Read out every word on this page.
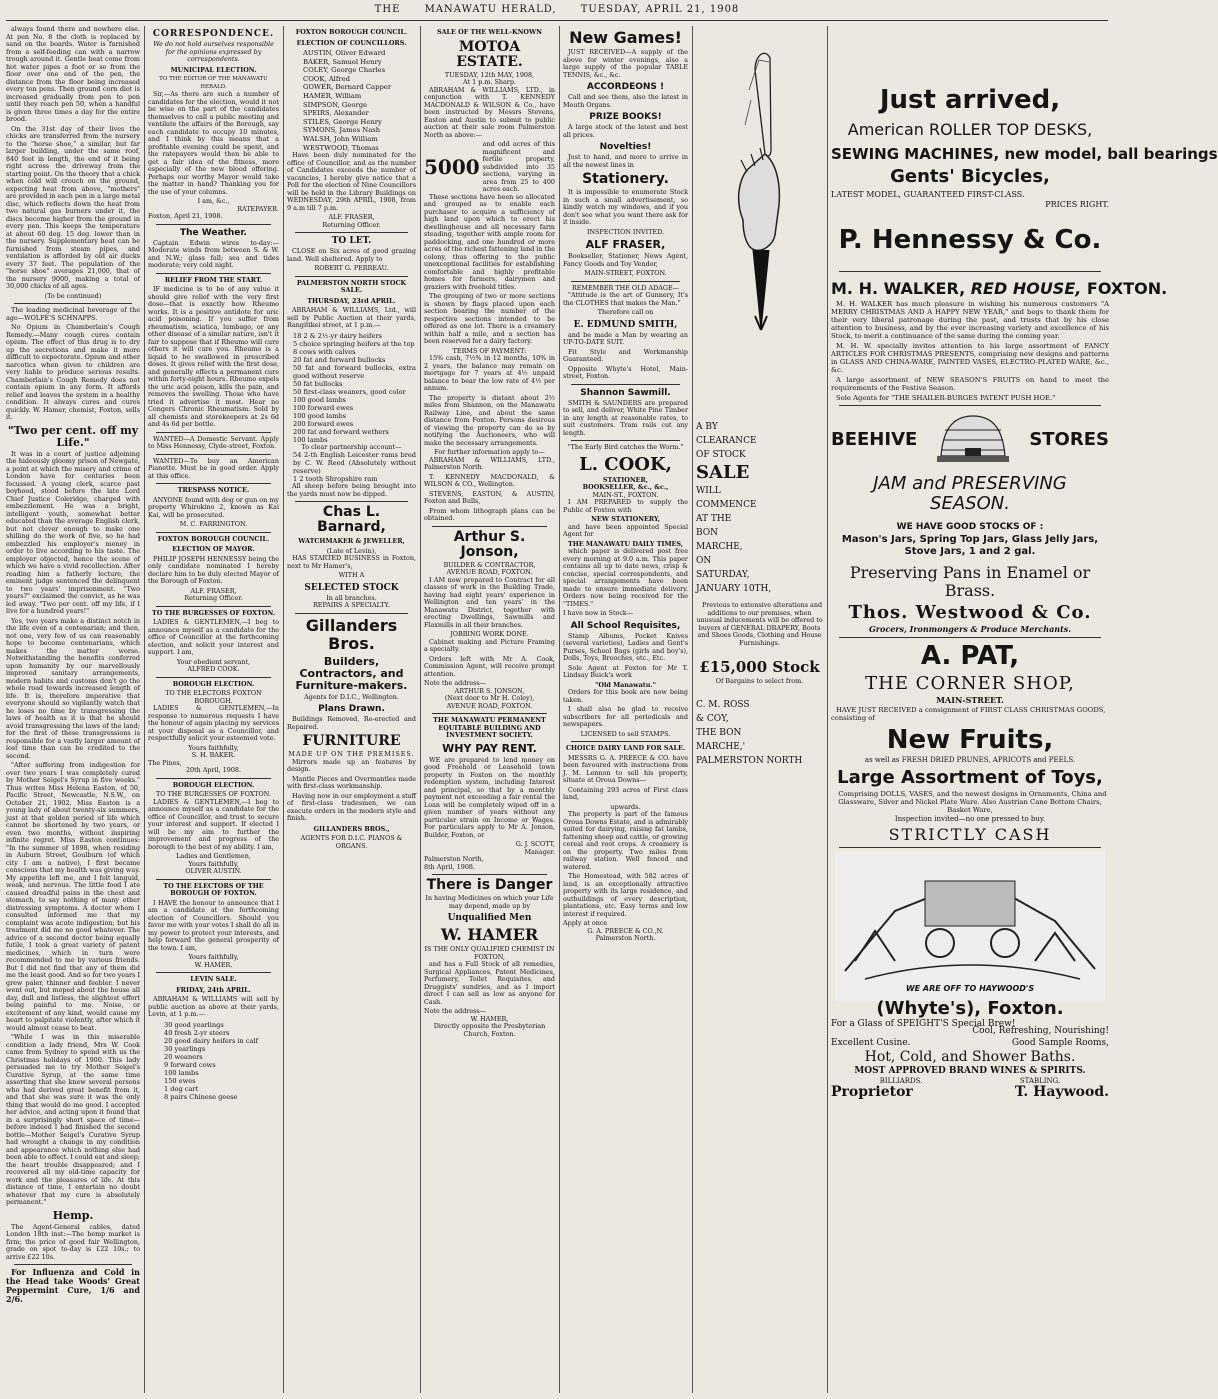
THE MANAWATU HERALD, TUESDAY, APRIL 21, 1908

always found there and nowhere else. At pen No. 8 the cloth is replaced by sand on the boards. Water is furnished from a self-feeding can with a narrow trough around it. Gentle heat come from hot water pipes a foot or so from the floor over one end of the pen, the distance from the floor being increased every ten pens. Then ground corn diet is increased gradually from pen to pen until they reach pen 50, when a handful is given three times a day for the entire brood.

On the 31st day of their lives the chicks are transferred from the nursery to the "horse shoe," a similar, but far larger building, under the same roof, 840 feet in length, the end of it being right across the driveway from the starting point. On the theory that a chick when cold will crouch on the ground, expecting heat from above, "mothers" are provided in each pen in a large metal disc, which reflects down the heat from two natural gas burners under it, the discs become higher from the ground in every pen. This keeps the temperature at about 60 deg. 15 deg. lower than in the nursery. Supplementary heat can be furnished from steam pipes, and ventilation is afforded by old air ducks every 37 feet. The population of the "horse shoe" averages 21,000, that of the nursery 9000, making a total of 30,000 chicks of all ages.

(To be continued)

The leading medicinal beverage of the age—WOLFE'S SCHNAPPS.

No Opium in Chamberlain's Cough Remedy.—Many cough cures contain opium. The effect of this drug is to dry up the secretions and make it more difficult to expectorate. Opium and other narcotics when given to children are very liable to produce serious results. Chamberlain's Cough Remedy does not contain opium in any form. It affords relief and leaves the system in a healthy condition. It always cures and cures quickly. W. Hamer, chemist, Foxton, sells it.

"Two per cent. off my Life."

It was in a court of justice adjoining the hideously gloomy prison of Newgate, a point at which the misery and crime of London have for centuries been focussed. A young clerk, scarce past boyhood, stood before the late Lord Chief Justice Coleridge, charged with embezzlement. He was a bright, intelligent youth, somewhat better educated than the average English clerk, but not clever enough to make one shilling do the work of five, so he had embezzled his employer's money in order to live according to his taste. The employer objected, hence the scene of which we have a vivid recollection. After reading him a fatherly lecture, the eminent judge sentenced the delinquent to two years' imprisonment. "Two years?" exclaimed the convict, as he was led away. "Two per cent. off my life, if I live for a hundred years!"

Yes, two years make a distinct notch in the life even of a centenarian; and then, not one, very few of us can reasonably hope to become centenarians, which makes the matter worse. Notwithstanding the benefits conferred upon humanity by our marvellously improved sanitary arrangements, modern habits and customs don't go the whole road towards increased length of life. It is, therefore imperative that everyone should so vigilantly watch that he loses no time by transgressing the laws of health as it is that he should avoid transgressing the laws of the land; for the first of these transgressions is responsible for a vastly larger amount of lost time than can be credited to the second.

"After suffering from indigestion for over two years I was completely cured by Mother Seigel's Syrup in five weeks." Thus writes Miss Helena Easton, of 50, Pacific Street, Newcastle, N.S.W., on October 21, 1902. Miss Easton is a young lady of about twenty-six summers, just at that golden period of life which cannot be shortened by two years, or even two months, without inspiring infinite regret. Miss Easton continues: "In the summer of 1898, when residing in Auburn Street, Goulburn (of which city I am a native), I first became conscious that my health was giving way. My appetite left me, and I felt languid, weak, and nervous. The little food I ate caused dreadful pains in the chest and stomach, to say nothing of many other distressing symptoms. A doctor whom I consulted informed me that my complaint was acute indigestion; but his treatment did me no good whatever. The advice of a second doctor being equally futile, I took a great variety of patent medicines, which in turn were recommended to me by various friends. But I did not find that any of them did me the least good. And so for two years I grew paler, thinner and feebler. I never went out, but moped about the house all day, dull and listless, the slightest effort being painful to me. Noise, or excitement of any kind, would cause my heart to palpitate violently, after which it would almost cease to beat.

"While I was in this miserable condition a lady friend, Mrs W. Cook came from Sydney to spend with us the Christmas holidays of 1900. This lady persuaded me to try Mother Seigel's Curative Syrup, at the same time asserting that she knew several persons who had derived great benefit from it, and that she was sure it was the only thing that would do me good. I accepted her advice, and acting upon it found that in a surprisingly short space of time—before indeed I had finished the second bottle—Mother Seigel's Curative Syrup had wrought a change in my condition and appearance which nothing else had been able to effect. I could eat and sleep; the heart trouble disappeared; and I recovered all my old-time capacity for work and the pleasures of life. At this distance of time, I entertain no doubt whatever that my cure is absolutely permanent."

Hemp.

The Agent-General cables, dated London 18th inst:—The hemp market is firm; the price of good fair Wellington, grade on spot to-day is £22 10s.; to arrive £22 10s.

For Influenza and Cold in the Head take Woods' Great Peppermint Cure, 1/6 and 2/6.

CORRESPONDENCE.
We do not hold ourselves responsible for the opinions expressed by correspondents.
MUNICIPAL ELECTION.
TO THE EDITOR OF THE MANAWATU HERALD.

Sir,—As there are such a number of candidates for the election, would it not be wise on the part of the candidates themselves to call a public meeting and ventilate the affairs of the Borough, say each candidate to occupy 10 minutes, and I think by this means that a profitable evening could be spent, and the ratepayers would then be able to get a fair idea of the fitness, more especially of the new blood offering. Perhaps our worthy Mayor would take the matter in hand? Thanking you for the use of your columns.

I am, &c.,
RATEPAYER.
Foxton, April 21, 1908.
The Weather.

Captain Edwin wires to-day:—Moderate winds from between S. & W. and N.W.; glass fall; sea and tides moderate; very cold night.

RELIEF FROM THE START.

IF medicine is to be of any value it should give relief with the very first dose—that is exactly how Rheumo works. It is a positive antidote for uric acid poisoning. If you suffer from rheumatism, sciatica, lumbago, or any other disease of a similar nature, isn't it fair to suppose that if Rheumo will cure others it will cure you. Rheumo is a liquid to be swallowed in prescribed doses. It gives relief with the first dose, and generally effects a permanent cure within forty-eight hours. Rheumo expels the uric acid poison, kills the pain, and removes the swelling. Those who have tried it advertise it most. Hear no Congers Chronic Rheumatism. Sold by all chemists and storekeepers at 2s 6d and 4s 6d per bottle.

WANTED—A Domestic Servant. Apply to Miss Hennessy, Clyde-street, Foxton.

WANTED—To buy an American Pianette. Must be in good order. Apply at this office.

TRESPASS NOTICE.

ANYONE found with dog or gun on my property Whirokino 2, known as Kai Kai, will be prosecuted.

M. C. FARRINGTON.
FOXTON BOROUGH COUNCIL.
ELECTION OF MAYOR.

PHILIP JOSEPH HENNESSY being the only candidate nominated I hereby declare him to be duly elected Mayor of the Borough of Foxton.

ALF. FRASER,
Returning Officer.
TO THE BURGESSES OF FOXTON.

LADIES & GENTLEMEN,—I beg to announce myself as a candidate for the office of Councillor at the forthcoming election, and solicit your interest and support. I am,

Your obedient servant,
ALFRED COOK.
BOROUGH ELECTION.
TO THE ELECTORS FOXTON BOROUGH.

LADIES & GENTLEMEN,—In response to numerous requests I have the honour of again placing my services at your disposal as a Councillor, and respectfully solicit your esteemed vote.

Yours faithfully,
S. H. BAKER.
The Pines,
20th April, 1908.
BOROUGH ELECTION.
TO THE BURGESSES OF FOXTON.

LADIES & GENTLEMEN,—I beg to announce myself as a candidate for the office of Councillor, and trust to secure your interest and support. If elected I will be my aim to further the improvement and progress of the borough to the best of my ability. I am,

Ladies and Gentlemen,
Yours faithfully,
OLIVER AUSTIN.
TO THE ELECTORS OF THE BOROUGH OF FOXTON.

I HAVE the honour to announce that I am a candidate at the forthcoming election of Councillors. Should you favor me with your votes I shall do all in my power to protect your interests, and help forward the general prosperity of the town. I am,

Yours faithfully,
W. HAMER.
LEVIN SALE.
FRIDAY, 24th APRIL.

ABRAHAM & WILLIAMS will sell by public auction as above at their yards, Levin, at 1 p.m.—

30 good yearlings
40 fresh 2-yr steers
20 good dairy heifers in calf
30 yearlings
20 weaners
9 forward cows
100 lambs
150 ewes
1 dog cart
8 pairs Chinese geese
FOXTON BOROUGH COUNCIL.
ELECTION OF COUNCILLORS.
AUSTIN, Oliver Edward
BAKER, Samuel Henry
COLEY, George Charles
COOK, Alfred
GOWER, Bernard Capper
HAMER, William
SIMPSON, George
SPEIRS, Alexander
STILES, George Henry
SYMONS, James Nash
WALSH, John William
WESTWOOD, Thomas

Have been duly nominated for the office of Councillor, and as the number of Candidates exceeds the number of vacancies, I hereby give notice that a Poll for the election of Nine Councillors will be held in the Library Buildings on WEDNESDAY, 29th APRIL, 1908, from 9 a.m till 7 p.m.

ALF. FRASER,
Returning Officer.
TO LET.

CLOSE on Six acres of good grazing land. Well sheltered. Apply to

ROBERT G. PERREAU.
PALMERSTON NORTH STOCK SALE.
THURSDAY, 23rd APRIL.

ABRAHAM & WILLIAMS, Ltd., will sell by Public Auction at their yards, Rangitikei street, at 1 p.m.—

18 2 & 2½-yr dairy heifers
5 choice springing heifers at the top
8 cows with calves
20 fat and forward bullocks
50 fat and forward bullocks, extra good without reserve
50 fat bullocks
50 first-class weaners, good color
100 good lambs
100 forward ewes
100 good lambs
200 forward ewes
200 fat and forward wethers
100 lambs
To clear partnership account—
54 2-th English Leicester rams bred by C. W. Reed (Absolutely without reserve)
1 2 tooth Shropshire ram

All sheep before being brought into the yards must now be dipped.

Chas L. Barnard,
WATCHMAKER & JEWELLER,
(Late of Levin),

HAS STARTED BUSINESS in Foxton, next to Mr Hamer's,

WITH A
SELECTED STOCK
In all branches.
REPAIRS A SPECIALTY.
Gillanders Bros.
Builders, Contractors, and Furniture-makers.
Agents for D.I.C., Wellington.
Plans Drawn.

Buildings Removed, Re-erected and Repaired.

FURNITURE
MADE UP ON THE PREMISES.

Mirrors made up an features by design.

Mantle Pieces and Overmantles made with first-class workmanship.

Having now in our employment a staff of first-class tradesmen, we can execute orders in the modern style and finish.

GILLANDERS BROS.,
AGENTS FOR D.I.C. PIANOS & ORGANS.
SALE OF THE WELL-KNOWN
MOTOA ESTATE.
TUESDAY, 12th MAY, 1908,
At 1 p.m. Sharp.

ABRAHAM & WILLIAMS, LTD., in conjunction with T. KENNEDY MACDONALD & WILSON & Co., have been instructed by Messrs Stevens, Easton and Austin to submit to public auction at their sale room Palmerston North as above:—

5000
and odd acres of this magnificent and fertile property, subdivided into 35 sections, varying in area from 25 to 400 acres each.

These sections have been so allocated and grouped as to enable each purchaser to acquire a sufficiency of high land upon which to erect his dwellinghouse and all necessary farm steading, together with ample room for paddocking, and one hundred or more acres of the richest fattening land in the colony, thus offering to the public unexceptional facilities for establishing comfortable and highly profitable homes for farmers, dairymen and graziers with freehold titles.

The grouping of two or more sections is shown by flags placed upon each section bearing the number of the respective sections intended to be offered as one lot. There is a creamery within half a mile, and a section has been reserved for a dairy factory.

TERMS OF PAYMENT:

15% cash, 7½% in 12 months, 10% in 2 years, the balance may remain on mortgage for 7 years at 4½ unpaid balance to bear the low rate of 4½ per annum.

The property is distant about 2½ miles from Shannon, on the Manawatu Railway Line, and about the same distance from Foxton. Persons desirous of viewing the property can do so by notifying the Auctioneers, who will make the necessary arrangements.

For further information apply to—

ABRAHAM & WILLIAMS, LTD., Palmerston North.

T. KENNEDY MACDONALD, & WILSON & CO., Wellington.

STEVENS, EASTON, & AUSTIN, Foxton and Bulls,

From whom lithograph plans can be obtained.

Arthur S. Jonson,
BUILDER & CONTRACTOR,
AVENUE ROAD, FOXTON.

I AM now prepared to Contract for all classes of work in the Building Trade, having had eight years' experience in Wellington and ten years' in the Manawatu District, together with erecting Dwellings, Sawmills and Flaxmills in all their branches.

JOBBING WORK DONE.

Cabinet making and Picture Framing a specialty.

Orders left with Mr A. Cook, Commission Agent, will receive prompt attention.

Note the address—
ARTHUR S. JONSON,
(Next door to Mr H. Coley),
AVENUE ROAD, FOXTON.
THE MANAWATU PERMANENT EQUITABLE BUILDING AND INVESTMENT SOCIETY.
WHY PAY RENT.

WE are prepared to lend money on good Freehold or Leasehold town property in Foxton on the monthly redemption system, including Interest and principal, so that by a monthly payment not exceeding a fair rental the Loan will be completely wiped off in a given number of years without any particular strain on Income or Wages. For particulars apply to Mr A. Jonson, Builder, Foxton, or

G. J. SCOTT,
Manager.
Palmerston North,
8th April, 1908.
There is Danger
In having Medicines on which your Life may depend, made up by
Unqualified Men
W. HAMER
IS THE ONLY QUALIFIED CHEMIST IN FOXTON,

and has a Full Stock of all remedies, Surgical Appliances, Patent Medicines, Perfumery, Toilet Requisites, and Druggists' sundries, and as I import direct I can sell as low as anyone for Cash.

Note the address—
W. HAMER,
Directly opposite the Presbyterian Church, Foxton.
New Games!

JUST RECEIVED—A supply of the above for winter evenings, also a large supply of the popular TABLE TENNIS, &c., &c.

ACCORDEONS !

Call and see them, also the latest in Mouth Organs.

PRIZE BOOKS!

A large stock of the latest and best all prices.

Novelties!

Just to hand, and more to arrive in all the newest lines in

Stationery.

It is impossible to enumerate Stock in such a small advertisement, so kindly watch my windows, and if you don't see what you want there ask for it inside.

INSPECTION INVITED.
ALF FRASER,

Bookseller, Stationer, News Agent, Fancy Goods and Toy Vendor,

MAIN-STREET, FOXTON.
REMEMBER THE OLD ADAGE—

"Attitude is the art of Gunnery, It's the CLOTHES that makes the Man."

Therefore call on
E. EDMUND SMITH,

and be made a Man by wearing an UP-TO-DATE SUIT.

Fit Style and Workmanship Guaranteed.

Opposite Whyte's Hotel, Main-street, Foxton.

Shannon Sawmill.

SMITH & SAUNDERS are prepared to sell, and deliver, White Pine Timber in any length at reasonable rates, to suit customers. Tram rails cut any length.

"The Early Bird catches the Worm."
L. COOK,
STATIONER,
BOOKSELLER, &c., &c.,
MAIN-ST., FOXTON.

I AM PREPARED to supply the Public of Foxton with

NEW STATIONERY,

and have been appointed Special Agent for

THE MANAWATU DAILY TIMES,

which paper is delivered post free every morning at 9.0 a.m. This paper contains all up to date news, crisp & concise, special correspondents, and special arrangements have been made to ensure immediate delivery. Orders now being received for the "TIMES."

I have now in Stock—
All School Requisites,

Stamp Albums, Pocket Knives (several varieties), Ladies and Gent's Purses, School Bags (girls and boy's), Dolls, Toys, Brooches, etc., Etc.

Sole Agent at Foxton for Mr T. Lindsay Buick's work

"Old Manawatu."

Orders for this book are now being taken.

I shall also be glad to receive subscribers for all periodicals and newspapers.

LICENSED to sell STAMPS.
CHOICE DAIRY LAND FOR SALE.

MESSRS G. A. PREECE & CO. have been favoured with instructions from J. M. Lennon to sell his property, situate at Oroua Downs—

Containing 293 acres of First class land,

upwards.

The property is part of the famous Oroua Downs Estate, and is admirably suited for dairying, raising fat lambs, fattening sheep and cattle, or growing cereal and root crops. A creamery is on the property. Two miles from railway station. Well fenced and watered.

The Homestead, with 582 acres of land, is an exceptionally attractive property with its large residence, and outbuildings of every description, plantations, etc. Easy terms and low interest if required.

Apply at once
G. A. PREECE & CO.,N.
Palmerston North.
A BY
CLEARANCE
OF STOCK
SALE
WILL
COMMENCE
AT THE
BON
MARCHE,
ON
SATURDAY,
JANUARY 10TH,

Previous to extensive alterations and additions to our premises, when unusual inducements will be offered to buyers of GENERAL DRAPERY, Boots and Shoes Goods, Clothing and House Furnishings.

£15,000 Stock
Of Bargains to select from.
C. M. ROSS
& COY,
THE BON
MARCHE,'
PALMERSTON NORTH
Just arrived,
American ROLLER TOP DESKS,
SEWING MACHINES, new model, ball bearings
Gents' Bicycles,
LATEST MODEL, GUARANTEED FIRST-CLASS.
PRICES RIGHT.
P. Hennessy & Co.
M. H. WALKER, RED HOUSE, FOXTON.

M. H. WALKER has much pleasure in wishing his numerous customers "A MERRY CHRISTMAS AND A HAPPY NEW YEAR," and begs to thank them for their very liberal patronage during the past, and trusts that by his close attention to business, and by the ever increasing variety and excellence of his Stock, to merit a continuance of the same during the coming year.

M. H. W. specially invites attention to his large assortment of FANCY ARTICLES FOR CHRISTMAS PRESENTS, comprising new designs and patterns in GLASS AND CHINA-WARE, PAINTED VASES, ELECTRO-PLATED WARE, &c., &c.

A large assortment of NEW SEASON'S FRUITS on hand to meet the requirements of the Festive Season.

Sole Agents for "THE SHAILER-BURGES PATENT PUSH HOE."

BEEHIVE	STORES
JAM and PRESERVING SEASON.
WE HAVE GOOD STOCKS OF :
Mason's Jars, Spring Top Jars, Glass Jelly Jars, Stove Jars, 1 and 2 gal.
Preserving Pans in Enamel or Brass.
Thos. Westwood & Co.
Grocers, Ironmongers & Produce Merchants.
A. PAT,
THE CORNER SHOP,
MAIN-STREET.

HAVE JUST RECEIVED a consignment of FIRST CLASS CHRISTMAS GOODS, consisting of

New Fruits,
as well as FRESH DRIED PRUNES, APRICOTS and PEELS.
Large Assortment of Toys,

Comprising DOLLS, VASES, and the newest designs in Ornaments, China and Glassware, Silver and Nickel Plate Ware. Also Austrian Cane Bottom Chairs, Basket Ware,

Inspection invited—no one pressed to buy.
STRICTLY CASH
WE ARE OFF TO HAYWOOD'S
(Whyte's), Foxton.
For a Glass of SPEIGHT'S Special Brew!
Cool, Refreshing, Nourishing!
Excellent Cusine.	Good Sample Rooms,
Hot, Cold, and Shower Baths.
MOST APPROVED BRAND WINES & SPIRITS.
BILLIARDS.	STABLING.
Proprietor	T. Haywood.
